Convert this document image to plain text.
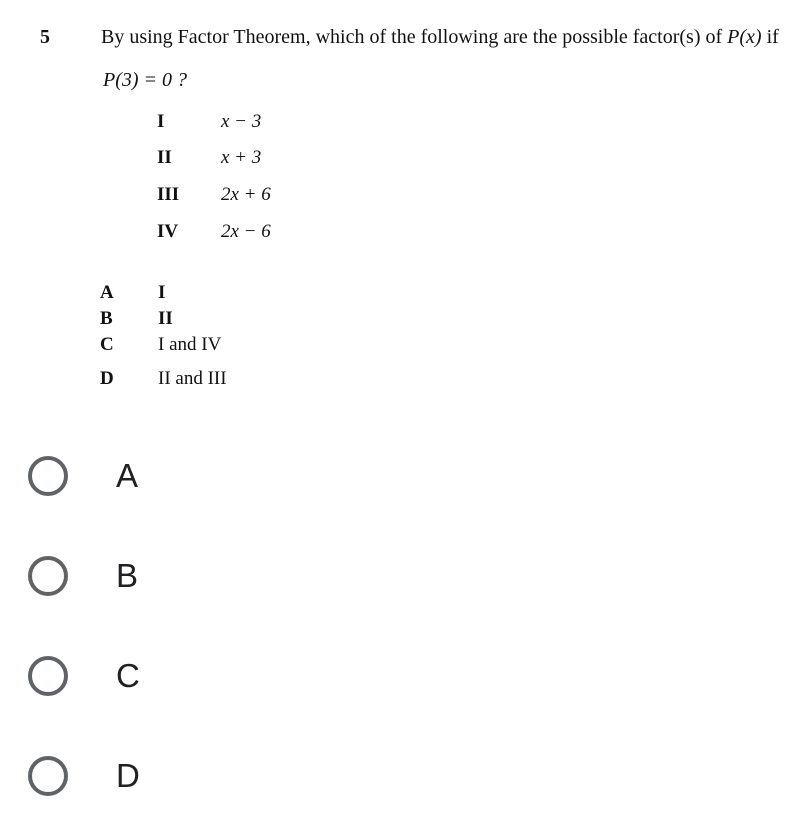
5	By using Factor Theorem, which of the following are the possible factor(s) of P(x) if
P(3) = 0 ?
I	x − 3
II	x + 3
III 2x + 6
IV 2x − 6
A I
B II
C I and IV
D II and III
A
B
C
D
